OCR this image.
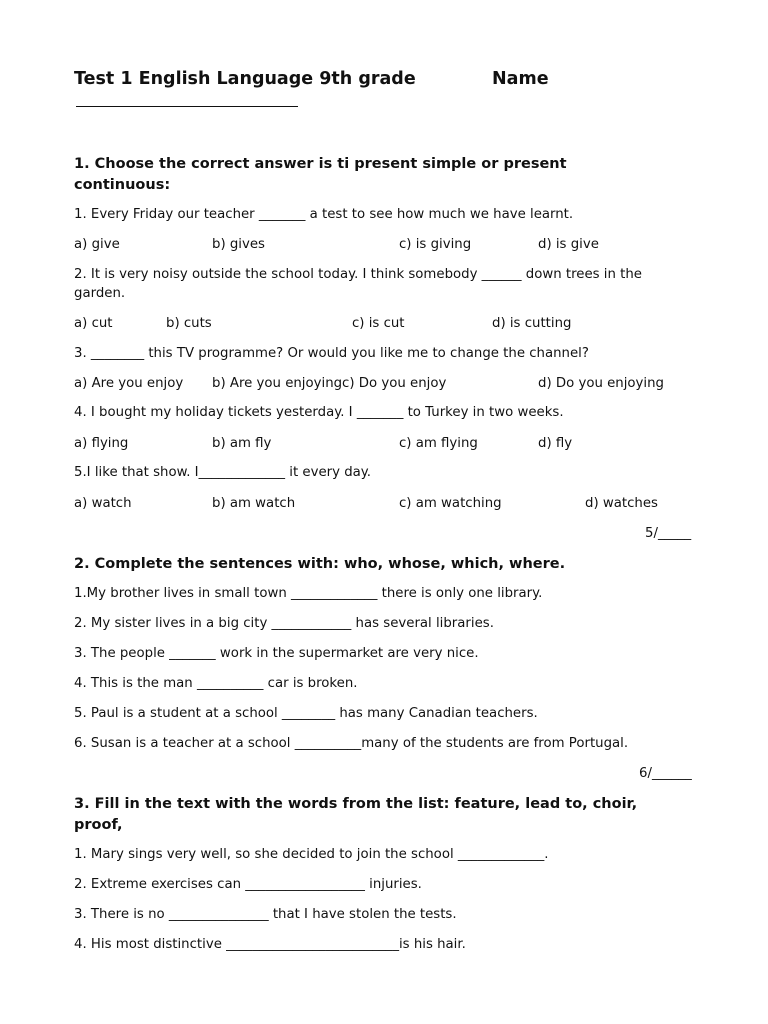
Test 1 English Language 9th grade	Name
1. Choose the correct answer is ti present simple or present
continuous:
1. Every Friday our teacher _______ a test to see how much we have learnt.
a) give	b) gives	c) is giving	d) is give
2. It is very noisy outside the school today. I think somebody ______ down trees in the
garden.
a) cut	b) cuts	c) is cut	d) is cutting
3. ________ this TV programme? Or would you like me to change the channel?
a) Are you enjoy b) Are you enjoyingc) Do you enjoy	d) Do you enjoying
4. I bought my holiday tickets yesterday. I _______ to Turkey in two weeks.
a) flying	b) am fly	c) am flying	d) fly
5.I like that show. I_____________ it every day.
a) watch	b) am watch	c) am watching	d) watches
5/_____
2. Complete the sentences with: who, whose, which, where.
1.My brother lives in small town _____________ there is only one library.
2. My sister lives in a big city ____________ has several libraries.
3. The people _______ work in the supermarket are very nice.
4. This is the man __________ car is broken.
5. Paul is a student at a school ________ has many Canadian teachers.
6. Susan is a teacher at a school __________many of the students are from Portugal.
6/______
3. Fill in the text with the words from the list: feature, lead to, choir,
proof,
1. Mary sings very well, so she decided to join the school _____________.
2. Extreme exercises can __________________ injuries.
3. There is no _______________ that I have stolen the tests.
4. His most distinctive __________________________is his hair.
